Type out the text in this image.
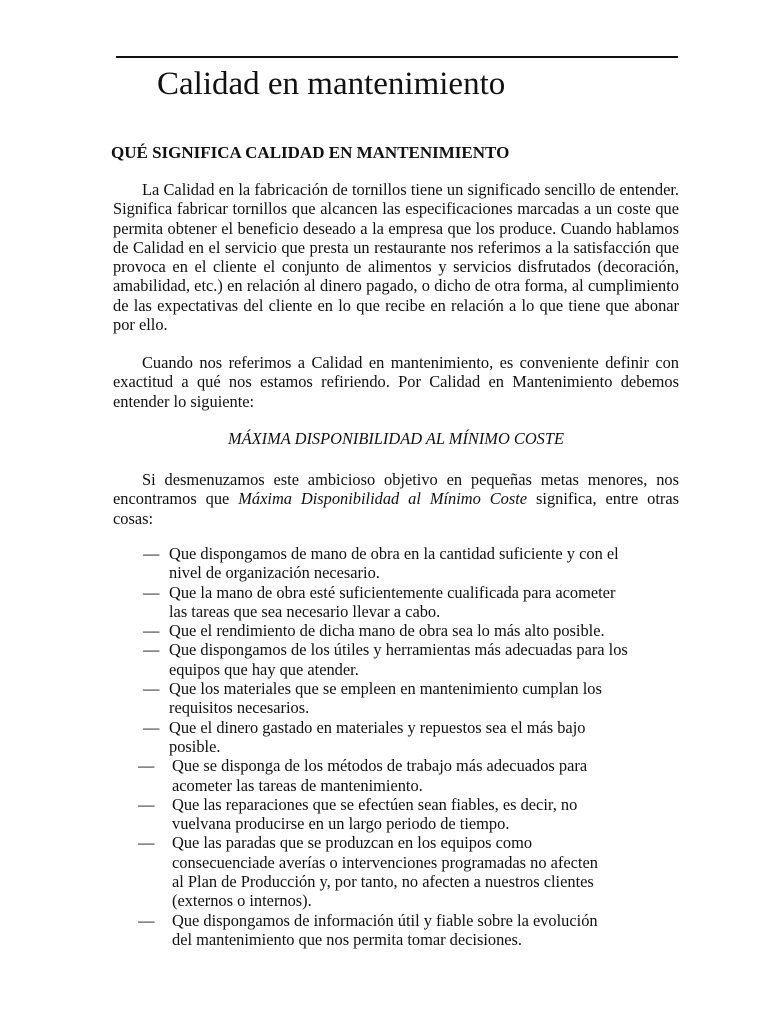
Calidad en mantenimiento
QUÉ SIGNIFICA CALIDAD EN MANTENIMIENTO

La Calidad en la fabricación de tornillos tiene un significado sencillo de entender. Significa fabricar tornillos que alcancen las especificaciones marcadas a un coste que permita obtener el beneficio deseado a la empresa que los produce. Cuando hablamos de Calidad en el servicio que presta un restaurante nos referimos a la satisfacción que provoca en el cliente el conjunto de alimentos y servicios disfrutados (decoración, amabilidad, etc.) en relación al dinero pagado, o dicho de otra forma, al cumplimiento de las expectativas del cliente en lo que recibe en relación a lo que tiene que abonar por ello.

Cuando nos referimos a Calidad en mantenimiento, es conveniente definir con exactitud a qué nos estamos refiriendo. Por Calidad en Mantenimiento debemos entender lo siguiente:

MÁXIMA DISPONIBILIDAD AL MÍNIMO COSTE

Si desmenuzamos este ambicioso objetivo en pequeñas metas menores, nos encontramos que Máxima Disponibilidad al Mínimo Coste significa, entre otras cosas:

— Que dispongamos de mano de obra en la cantidad suficiente y con el
nivel de organización necesario.
— Que la mano de obra esté suficientemente cualificada para acometer
las tareas que sea necesario llevar a cabo.
— Que el rendimiento de dicha mano de obra sea lo más alto posible.
— Que dispongamos de los útiles y herramientas más adecuadas para los
equipos que hay que atender.
— Que los materiales que se empleen en mantenimiento cumplan los
requisitos necesarios.
— Que el dinero gastado en materiales y repuestos sea el más bajo
posible.
— Que se disponga de los métodos de trabajo más adecuados para
acometer las tareas de mantenimiento.
— Que las reparaciones que se efectúen sean fiables, es decir, no
vuelvana producirse en un largo periodo de tiempo.
— Que las paradas que se produzcan en los equipos como
consecuenciade averías o intervenciones programadas no afecten
al Plan de Producción y, por tanto, no afecten a nuestros clientes
(externos o internos).
— Que dispongamos de información útil y fiable sobre la evolución
del mantenimiento que nos permita tomar decisiones.
